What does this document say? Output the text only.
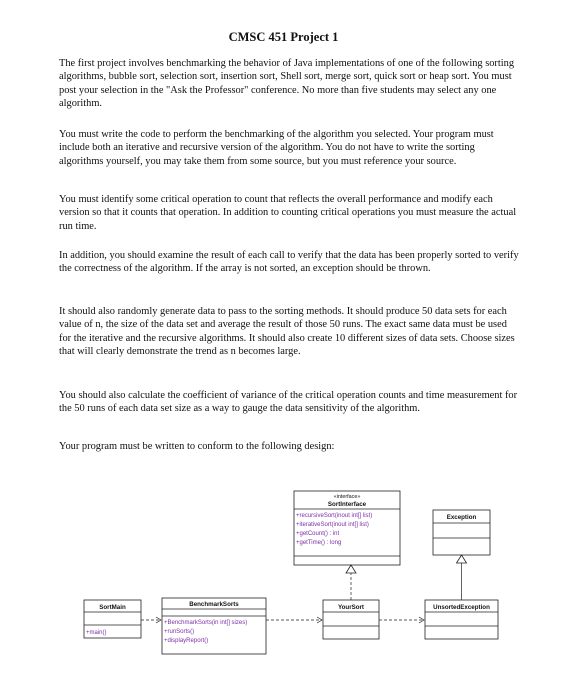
CMSC 451 Project 1

The first project involves benchmarking the behavior of Java implementations of one of the following sorting algorithms, bubble sort, selection sort, insertion sort, Shell sort, merge sort, quick sort or heap sort. You must post your selection in the "Ask the Professor" conference. No more than five students may select any one algorithm.

You must write the code to perform the benchmarking of the algorithm you selected. Your program must include both an iterative and recursive version of the algorithm. You do not have to write the sorting algorithms yourself, you may take them from some source, but you must reference your source.

You must identify some critical operation to count that reflects the overall performance and modify each version so that it counts that operation. In addition to counting critical operations you must measure the actual run time.

In addition, you should examine the result of each call to verify that the data has been properly sorted to verify the correctness of the algorithm. If the array is not sorted, an exception should be thrown.

It should also randomly generate data to pass to the sorting methods. It should produce 50 data sets for each value of n, the size of the data set and average the result of those 50 runs. The exact same data must be used for the iterative and the recursive algorithms. It should also create 10 different sizes of data sets. Choose sizes that will clearly demonstrate the trend as n becomes large.

You should also calculate the coefficient of variance of the critical operation counts and time measurement for the 50 runs of each data set size as a way to gauge the data sensitivity of the algorithm.

Your program must be written to conform to the following design:

«interface»
SortInterface
+recursiveSort(inout int[] list)
+iterativeSort(inout int[] list)
+getCount() : int
+getTime() : long
Exception
SortMain
+main()
BenchmarkSorts
+BenchmarkSorts(in int[] sizes)
+runSorts()
+displayReport()
YourSort	UnsortedException
